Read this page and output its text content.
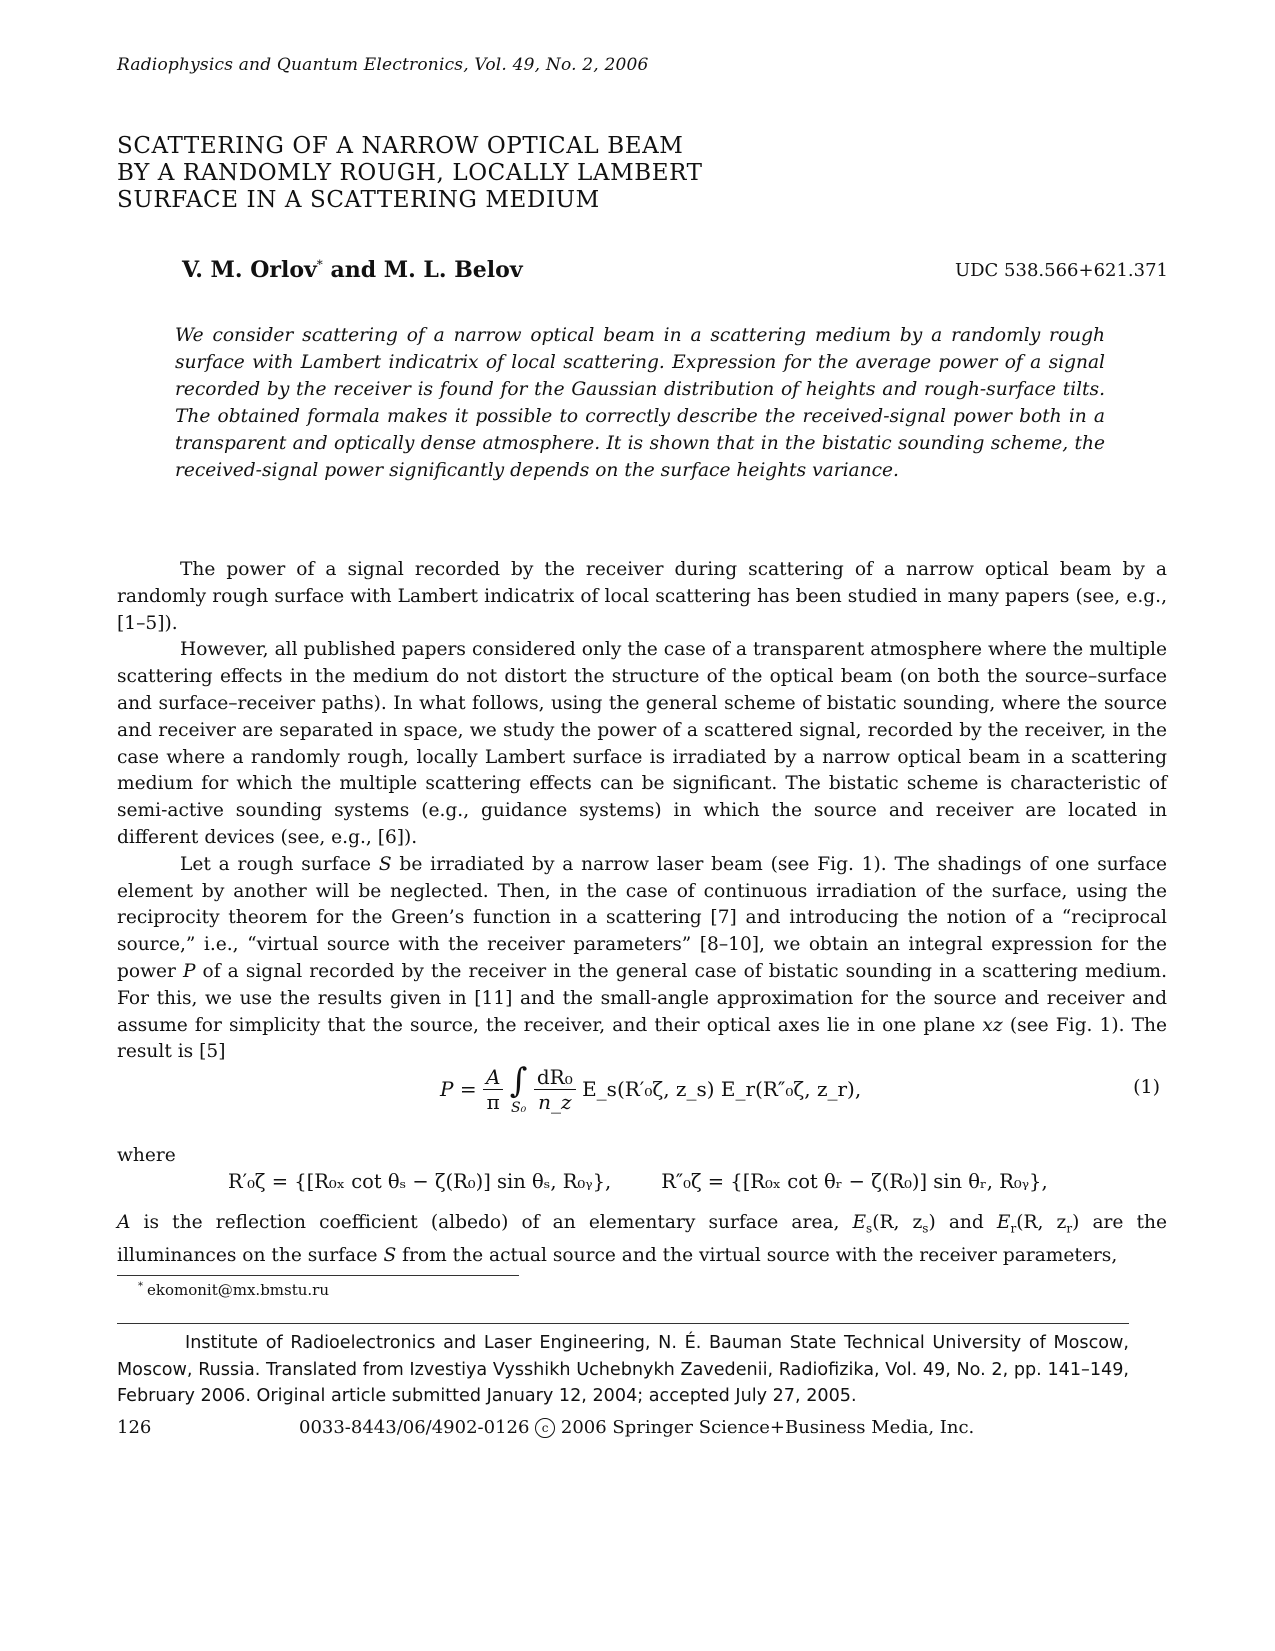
Radiophysics and Quantum Electronics, Vol. 49, No. 2, 2006
SCATTERING OF A NARROW OPTICAL BEAM
BY A RANDOMLY ROUGH, LOCALLY LAMBERT
SURFACE IN A SCATTERING MEDIUM
V. M. Orlov* and M. L. Belov	UDC 538.566+621.371
We consider scattering of a narrow optical beam in a scattering medium by a randomly rough surface with Lambert indicatrix of local scattering. Expression for the average power of a signal recorded by the receiver is found for the Gaussian distribution of heights and rough-surface tilts. The obtained formala makes it possible to correctly describe the received-signal power both in a transparent and optically dense atmosphere. It is shown that in the bistatic sounding scheme, the received-signal power significantly depends on the surface heights variance.

The power of a signal recorded by the receiver during scattering of a narrow optical beam by a randomly rough surface with Lambert indicatrix of local scattering has been studied in many papers (see, e.g., [1–5]).

However, all published papers considered only the case of a transparent atmosphere where the multiple scattering effects in the medium do not distort the structure of the optical beam (on both the source–surface and surface–receiver paths). In what follows, using the general scheme of bistatic sounding, where the source and receiver are separated in space, we study the power of a scattered signal, recorded by the receiver, in the case where a randomly rough, locally Lambert surface is irradiated by a narrow optical beam in a scattering medium for which the multiple scattering effects can be significant. The bistatic scheme is characteristic of semi-active sounding systems (e.g., guidance systems) in which the source and receiver are located in different devices (see, e.g., [6]).

Let a rough surface S be irradiated by a narrow laser beam (see Fig. 1). The shadings of one surface element by another will be neglected. Then, in the case of continuous irradiation of the surface, using the reciprocity theorem for the Green’s function in a scattering [7] and introducing the notion of a “reciprocal source,” i.e., “virtual source with the receiver parameters” [8–10], we obtain an integral expression for the power P of a signal recorded by the receiver in the general case of bistatic sounding in a scattering medium. For this, we use the results given in [11] and the small-angle approximation for the source and receiver and assume for simplicity that the source, the receiver, and their optical axes lie in one plane xz (see Fig. 1). The result is [5]

$P = \frac{A}{\pi}$
∫
S₀
$\frac{\text{dR₀}}{n\_z}$ E_s(R′₀ζ, z_s) E_r(R″₀ζ, z_r),	(1)
where
R′₀ζ = {[R₀ₓ cot θₛ − ζ(R₀)] sin θₛ, R₀ᵧ},	R″₀ζ = {[R₀ₓ cot θᵣ − ζ(R₀)] sin θᵣ, R₀ᵧ},
A is the reflection coefficient (albedo) of an elementary surface area, $E_s(R$, $z_s$) and $E_r(R$, $z_r$) are the illuminances on the surface S from the actual source and the virtual source with the receiver parameters,
* ekomonit@mx.bmstu.ru

Institute of Radioelectronics and Laser Engineering, N. É. Bauman State Technical University of Moscow, Moscow, Russia. Translated from Izvestiya Vysshikh Uchebnykh Zavedenii, Radiofizika, Vol. 49, No. 2, pp. 141–149, February 2006. Original article submitted January 12, 2004; accepted July 27, 2005.

126	0033-8443/06/4902-0126 c 2006 Springer Science+Business Media, Inc.
